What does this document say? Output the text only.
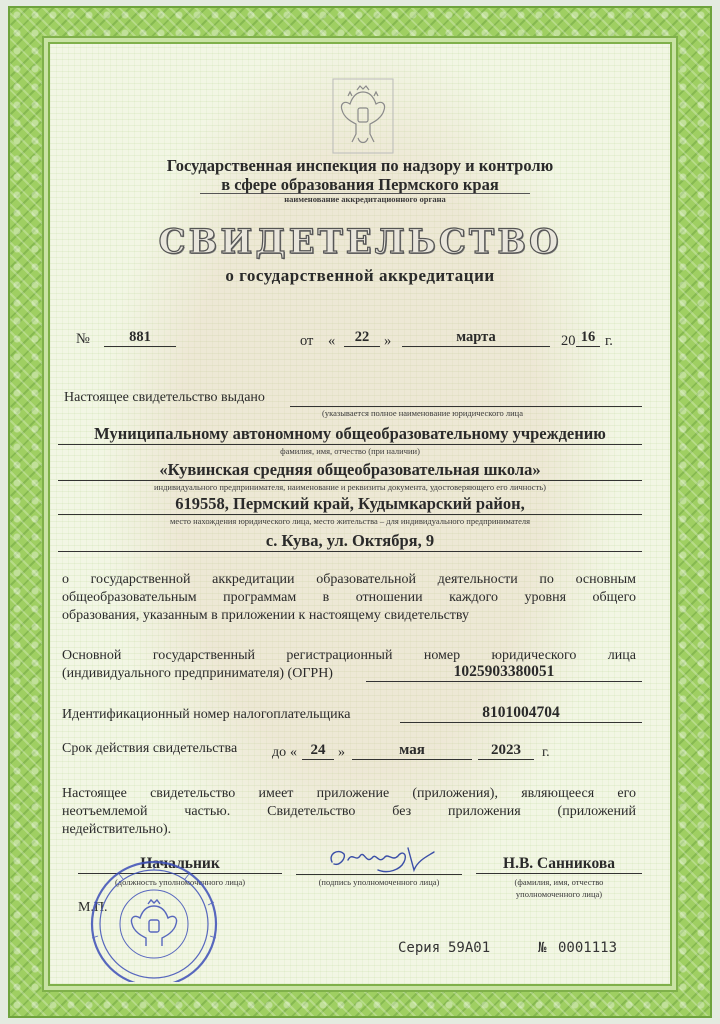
Государственная инспекция по надзору и контролю
в сфере образования Пермского края
наименование аккредитационного органа
СВИДЕТЕЛЬСТВО
о государственной аккредитации
№	881	от «	22	»	марта	20 16 г.
Настоящее свидетельство выдано
(указывается полное наименование юридического лица
Муниципальному автономному общеобразовательному учреждению
фамилия, имя, отчество (при наличии)
«Кувинская средняя общеобразовательная школа»
индивидуального предпринимателя, наименование и реквизиты документа, удостоверяющего его личность)
619558, Пермский край, Кудымкарский район,
место нахождения юридического лица, место жительства – для индивидуального предпринимателя
с. Кува, ул. Октября, 9
о государственной аккредитации образовательной деятельности по основным
общеобразовательным программам в отношении каждого уровня общего
образования, указанным в приложении к настоящему свидетельству
Основной государственный регистрационный номер юридического лица
(индивидуального предпринимателя) (ОГРН)	1025903380051
Идентификационный номер налогоплательщика	8101004704
Срок действия свидетельства до « 24 »	мая	2023	г.
Настоящее свидетельство имеет приложение (приложения), являющееся его
неотъемлемой частью. Свидетельство без приложения (приложений
недействительно).
Начальник
(должность уполномоченного лица)	(подпись уполномоченного лица)
Н.В. Санникова
(фамилия, имя, отчество
уполномоченного лица)
М.П.
Серия 59А01	№ 0001113
